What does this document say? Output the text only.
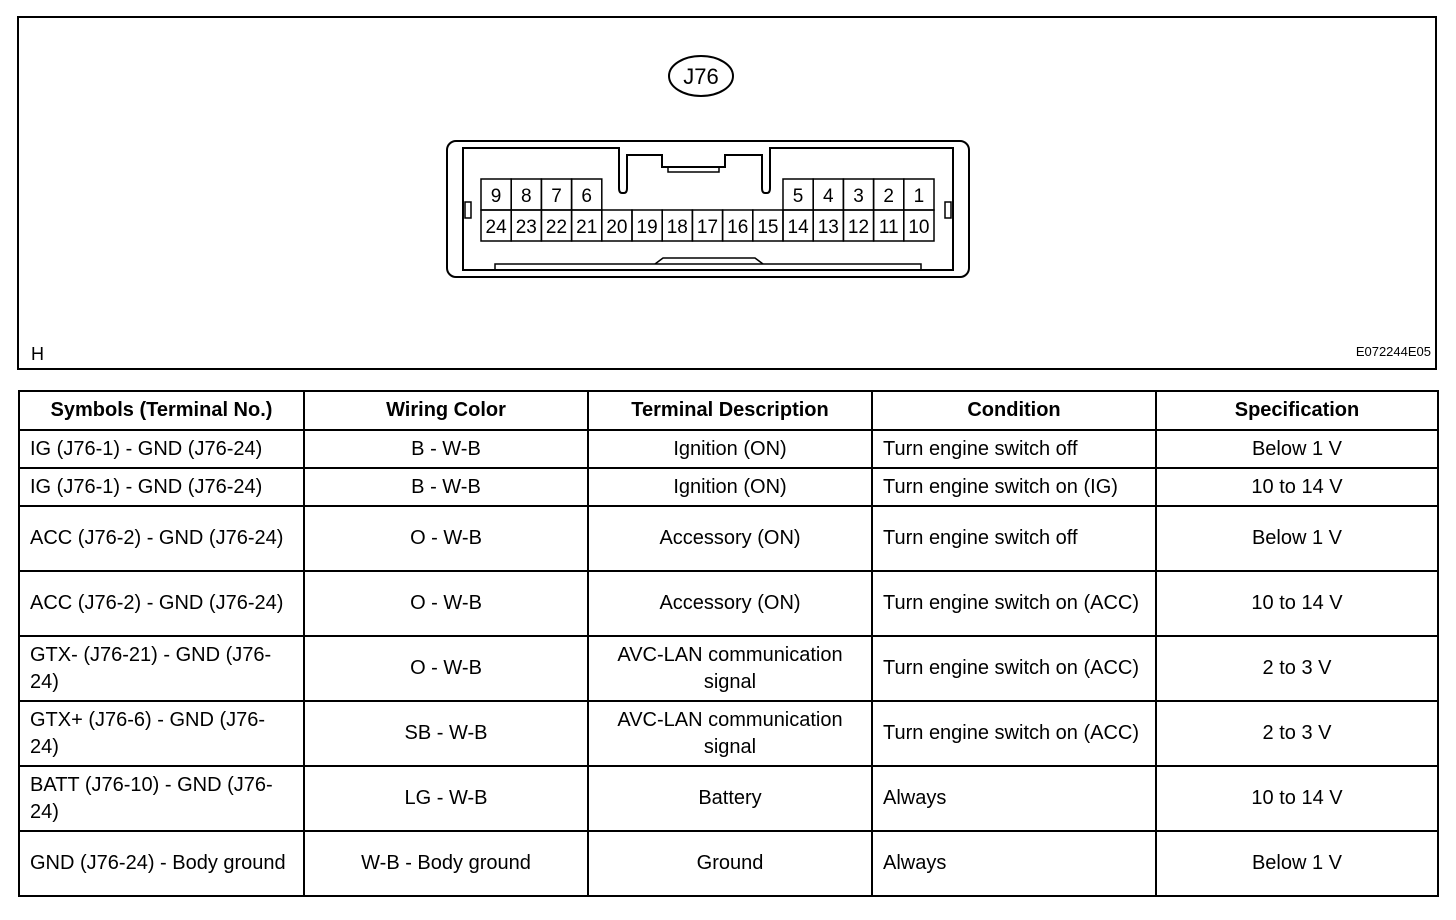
J76
9 8 7 6	5 4 3 2 1
24 23 22 21 20 19 18 17 16 15 14 13 12 11 10
H	E072244E05
Symbols (Terminal No.)	Wiring Color	Terminal Description	Condition	Specification
IG (J76-1) - GND (J76-24)	B - W-B	Ignition (ON)	Turn engine switch off	Below 1 V
IG (J76-1) - GND (J76-24)	B - W-B	Ignition (ON)	Turn engine switch on (IG)	10 to 14 V
ACC (J76-2) - GND (J76-24)	O - W-B	Accessory (ON)	Turn engine switch off	Below 1 V
ACC (J76-2) - GND (J76-24)	O - W-B	Accessory (ON)	Turn engine switch on (ACC)	10 to 14 V
GTX- (J76-21) - GND (J76-24)	O - W-B	AVC-LAN communication signal	Turn engine switch on (ACC)	2 to 3 V
GTX+ (J76-6) - GND (J76-24)	SB - W-B	AVC-LAN communication signal	Turn engine switch on (ACC)	2 to 3 V
BATT (J76-10) - GND (J76-24)	LG - W-B	Battery	Always	10 to 14 V
GND (J76-24) - Body ground	W-B - Body ground	Ground	Always	Below 1 V
